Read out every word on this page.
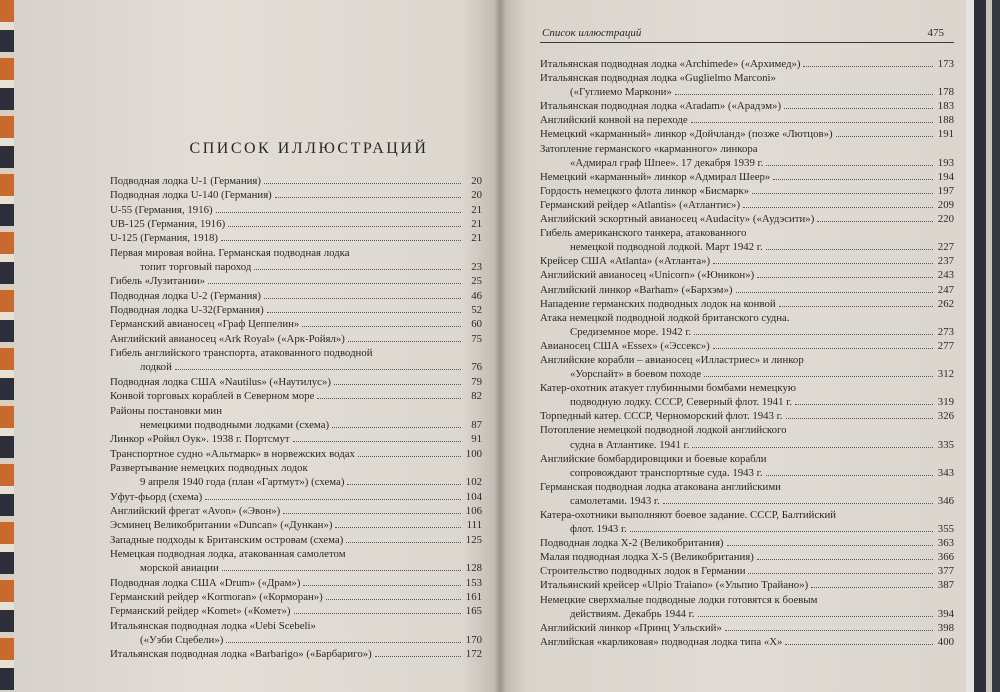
СПИСОК ИЛЛЮСТРАЦИЙ
Подводная лодка U-1 (Германия)	20
Подводная лодка U-140 (Германия)	20
U-55 (Германия, 1916)	21
UB-125 (Германия, 1916)	21
U-125 (Германия, 1918)	21
Первая мировая война. Германская подводная лодка
топит торговый пароход	23
Гибель «Лузитании»	25
Подводная лодка U-2 (Германия)	46
Подводная лодка U-32(Германия)	52
Германский авианосец «Граф Цеппелин»	60
Английский авианосец «Ark Royal» («Арк-Ройял»)	75
Гибель английского транспорта, атакованного подводной
лодкой	76
Подводная лодка США «Nautilus» («Наутилус»)	79
Конвой торговых кораблей в Северном море	82
Районы постановки мин
немецкими подводными лодками (схема)	87
Линкор «Ройял Оук». 1938 г. Портсмут	91
Транспортное судно «Альтмарк» в норвежских водах	100
Развертывание немецких подводных лодок
9 апреля 1940 года (план «Гартмут») (схема)	102
Уфут-фьорд (схема)	104
Английский фрегат «Avon» («Эвон»)	106
Эсминец Великобритании «Duncan» («Дункан»)	111
Западные подходы к Британским островам (схема)	125
Немецкая подводная лодка, атакованная самолетом
морской авиации	128
Подводная лодка США «Drum» («Драм»)	153
Германский рейдер «Kormoran» («Корморан»)	161
Германский рейдер «Komet» («Комет»)	165
Итальянская подводная лодка «Uebi Scebeli»
(«Уэби Сцебели»)	170
Итальянская подводная лодка «Barbarigo» («Барбариго»)	172
Список иллюстраций	475
Итальянская подводная лодка «Archimede» («Архимед»)	173
Итальянская подводная лодка «Guglielmo Marconi»
(«Гуглиемо Маркони»	178
Итальянская подводная лодка «Aradam» («Арадэм»)	183
Английский конвой на переходе	188
Немецкий «карманный» линкор «Дойчланд» (позже «Лютцов»)	191
Затопление германского «карманного» линкора
«Адмирал граф Шпее». 17 декабря 1939 г.	193
Немецкий «карманный» линкор «Адмирал Шеер»	194
Гордость немецкого флота линкор «Бисмарк»	197
Германский рейдер «Atlantis» («Атлантис»)	209
Английский эскортный авианосец «Audacity» («Аудэсити»)	220
Гибель американского танкера, атакованного
немецкой подводной лодкой. Март 1942 г.	227
Крейсер США «Atlanta» («Атланта»)	237
Английский авианосец «Unicorn» («Юникон»)	243
Английский линкор «Barham» («Бархэм»)	247
Нападение германских подводных лодок на конвой	262
Атака немецкой подводной лодкой британского судна.
Средиземное море. 1942 г.	273
Авианосец США «Essex» («Эссекс»)	277
Английские корабли – авианосец «Илластриес» и линкор
«Уорспайт» в боевом походе	312
Катер-охотник атакует глубинными бомбами немецкую
подводную лодку. СССР, Северный флот. 1941 г.	319
Торпедный катер. СССР, Черноморский флот. 1943 г.	326
Потопление немецкой подводной лодкой английского
судна в Атлантике. 1941 г.	335
Английские бомбардировщики и боевые корабли
сопровождают транспортные суда. 1943 г.	343
Германская подводная лодка атакована английскими
самолетами. 1943 г.	346
Катера-охотники выполняют боевое задание. СССР, Балтийский
флот. 1943 г.	355
Подводная лодка Х-2 (Великобритания)	363
Малая подводная лодка Х-5 (Великобритания)	366
Строительство подводных лодок в Германии	377
Итальянский крейсер «Ulpio Traiano» («Ульпио Трайано»)	387
Немецкие сверхмалые подводные лодки готовятся к боевым
действиям. Декабрь 1944 г.	394
Английский линкор «Принц Уэльский»	398
Английская «карликовая» подводная лодка типа «Х»	400
